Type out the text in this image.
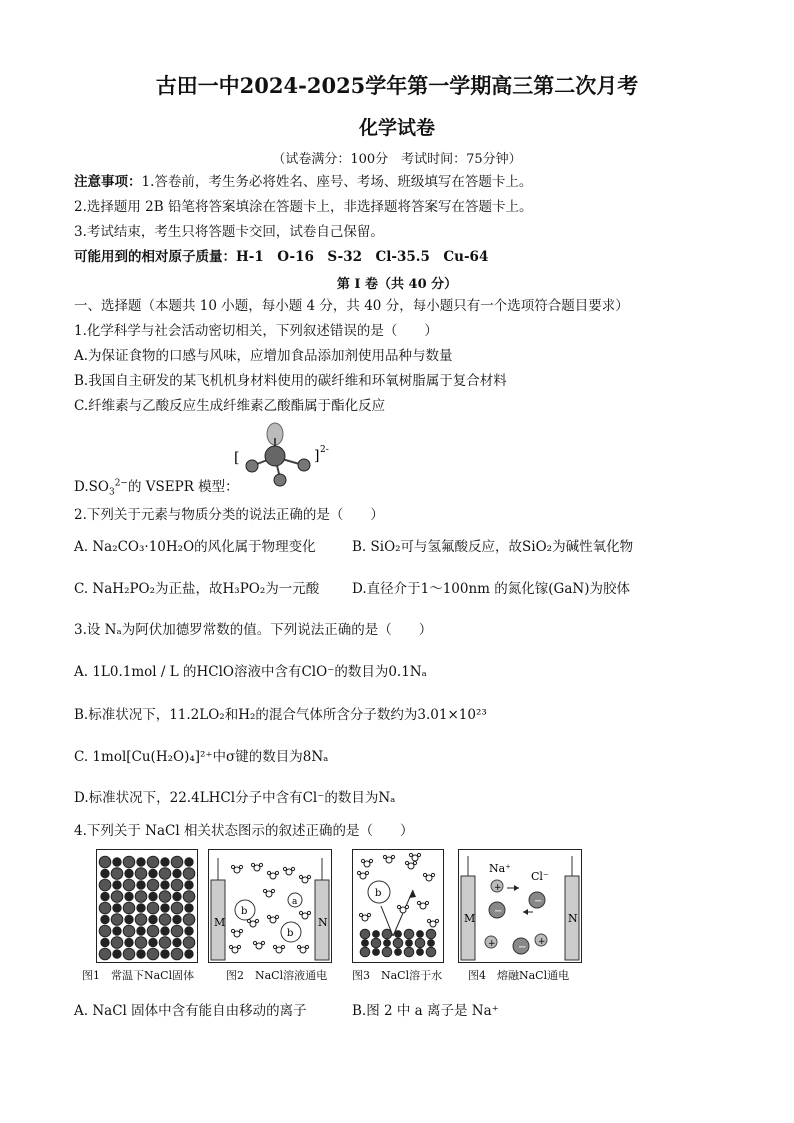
古田一中2024-2025学年第一学期高三第二次月考
化学试卷
（试卷满分：100分　考试时间：75分钟）
注意事项：1.答卷前，考生务必将姓名、座号、考场、班级填写在答题卡上。
2.选择题用 2B 铅笔将答案填涂在答题卡上，非选择题将答案写在答题卡上。
3.考试结束，考生只将答题卡交回，试卷自己保留。
可能用到的相对原子质量：H-1　O-16　S-32　Cl-35.5　Cu-64
第 I 卷（共 40 分）
一、选择题（本题共 10 小题，每小题 4 分，共 40 分，每小题只有一个选项符合题目要求）
1.化学科学与社会活动密切相关，下列叙述错误的是（　　）
A.为保证食物的口感与风味，应增加食品添加剂使用品种与数量
B.我国自主研发的某飞机机身材料使用的碳纤维和环氧树脂属于复合材料
C.纤维素与乙酸反应生成纤维素乙酸酯属于酯化反应
[	] 2-
$D.SO_3^{2-}$的 VSEPR 模型：
2.下列关于元素与物质分类的说法正确的是（　　）
A. Na₂CO₃·10H₂O的风化属于物理变化	B. SiO₂可与氢氟酸反应，故SiO₂为碱性氧化物
C. NaH₂PO₂为正盐，故H₃PO₂为一元酸 D.直径介于1～100nm 的氮化镓(GaN)为胶体
3.设 Nₐ为阿伏加德罗常数的值。下列说法正确的是（　　）
A. 1L0.1mol / L 的HClO溶液中含有ClO⁻的数目为0.1Nₐ
B.标准状况下，11.2LO₂和H₂的混合气体所含分子数约为3.01×10²³
C. 1mol[Cu(H₂O)₄]²⁺中σ键的数目为8Nₐ
D.标准状况下，22.4LHCl分子中含有Cl⁻的数目为Nₐ
4.下列关于 NaCl 相关状态图示的叙述正确的是（　　）
M	N
b
b
a
b
M	N
Na⁺
Cl⁻
+
−
−
+ − +
图1　常温下NaCl固体	图2　NaCl溶液通电 图3　NaCl溶于水 图4　熔融NaCl通电
A. NaCl 固体中含有能自由移动的离子	B.图 2 中 a 离子是 Na⁺
